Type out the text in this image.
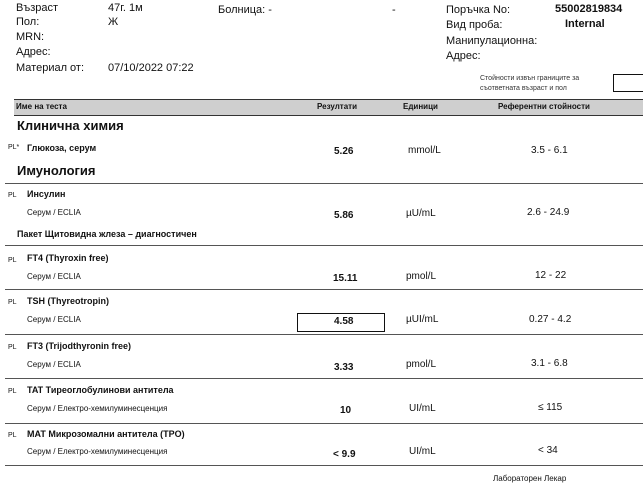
Възраст	47г. 1м
Пол:	Ж
MRN:
Адрес:
Материал от: 07/10/2022 07:22
Болница: -	-	Поръчка No:	55002819834
Вид проба:	Internal
Манипулационна:
Адрес:
Стойности извън границите за
съответната възраст и пол
Име на теста	Резултати	Единици	Референтни стойности
Клинична химия
PL* Глюкоза, серум	5.26	mmol/L	3.5 - 6.1
Имунология
PL Инсулин
Серум / ECLIA	5.86	µU/mL	2.6 - 24.9
Пакет Щитовидна жлеза – диагностичен
PL FT4 (Thyroxin free)
Серум / ECLIA	15.11	pmol/L	12 - 22
PL TSH (Thyreotropin)
Серум / ECLIA	4.58	µUI/mL	0.27 - 4.2
PL FT3 (Trijodthyronin free)
Серум / ECLIA	3.33	pmol/L	3.1 - 6.8
PL TAT Тиреоглобулинови антитела
Серум / Електро-хемилуминесценция	10	UI/mL	≤ 115
PL MAT Микрозомални антитела (TPO)
Серум / Електро-хемилуминесценция	< 9.9	UI/mL	< 34
Лабораторен Лекар
